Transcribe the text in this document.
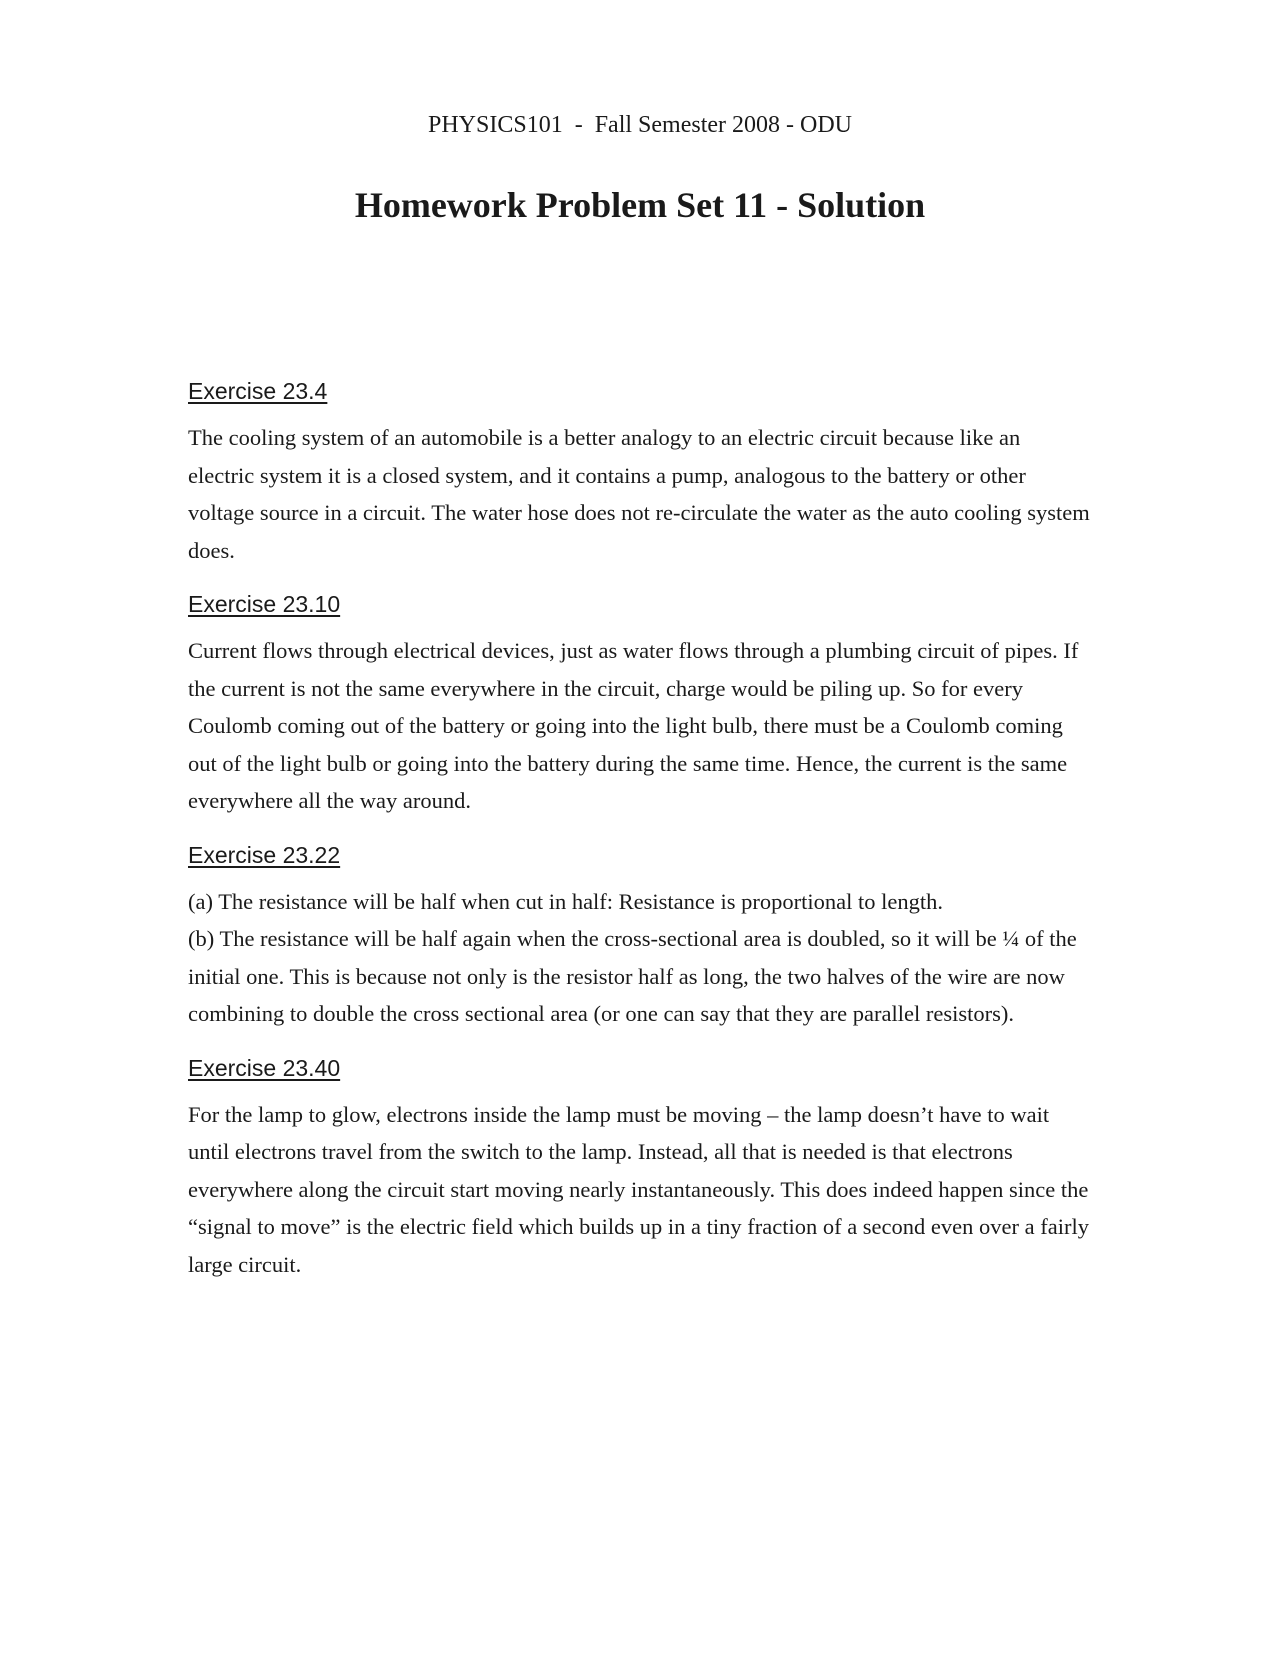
PHYSICS101  -  Fall Semester 2008 - ODU
Homework Problem Set 11 - Solution
Exercise 23.4

The cooling system of an automobile is a better analogy to an electric circuit because like an electric system it is a closed system, and it contains a pump, analogous to the battery or other voltage source in a circuit. The water hose does not re-circulate the water as the auto cooling system does.

Exercise 23.10

Current flows through electrical devices, just as water flows through a plumbing circuit of pipes. If the current is not the same everywhere in the circuit, charge would be piling up. So for every Coulomb coming out of the battery or going into the light bulb, there must be a Coulomb coming out of the light bulb or going into the battery during the same time. Hence, the current is the same everywhere all the way around.

Exercise 23.22

(a) The resistance will be half when cut in half: Resistance is proportional to length.

(b) The resistance will be half again when the cross-sectional area is doubled, so it will be ¼ of the initial one. This is because not only is the resistor half as long, the two halves of the wire are now combining to double the cross sectional area (or one can say that they are parallel resistors).

Exercise 23.40

For the lamp to glow, electrons inside the lamp must be moving – the lamp doesn’t have to wait until electrons travel from the switch to the lamp. Instead, all that is needed is that electrons everywhere along the circuit start moving nearly instantaneously. This does indeed happen since the “signal to move” is the electric field which builds up in a tiny fraction of a second even over a fairly large circuit.
